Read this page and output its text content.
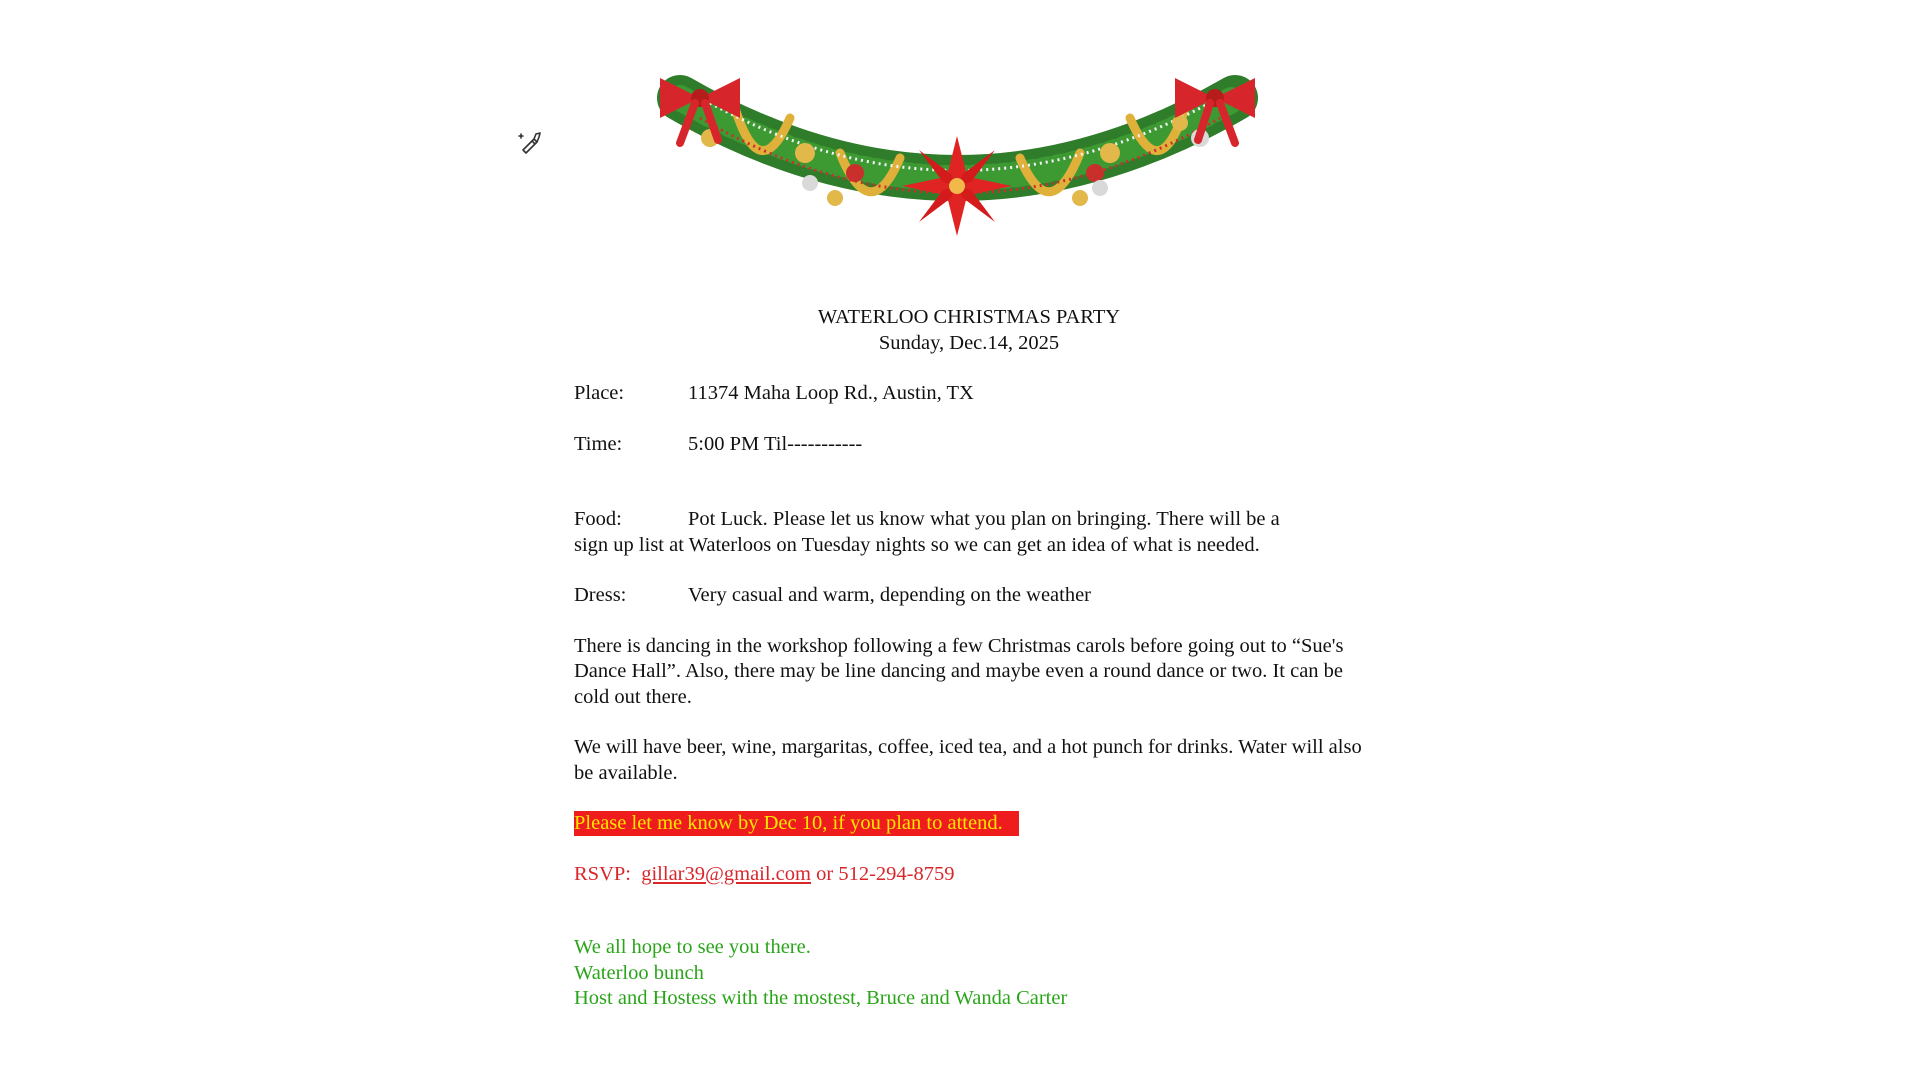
WATERLOO CHRISTMAS PARTY
Sunday, Dec.14, 2025
Place:	11374 Maha Loop Rd., Austin, TX
Time:	5:00 PM Til-----------
Food:	Pot Luck. Please let us know what you plan on bringing. There will be a
sign up list at Waterloos on Tuesday nights so we can get an idea of what is needed.
Dress:	Very casual and warm, depending on the weather
There is dancing in the workshop following a few Christmas carols before going out to “Sue's Dance Hall”. Also, there may be line dancing and maybe even a round dance or two. It can be cold out there.
We will have beer, wine, margaritas, coffee, iced tea, and a hot punch for drinks. Water will also be available.
Please let me know by Dec 10, if you plan to attend.
RSVP: gillar39@gmail.com or 512-294-8759
We all hope to see you there.
Waterloo bunch
Host and Hostess with the mostest, Bruce and Wanda Carter
